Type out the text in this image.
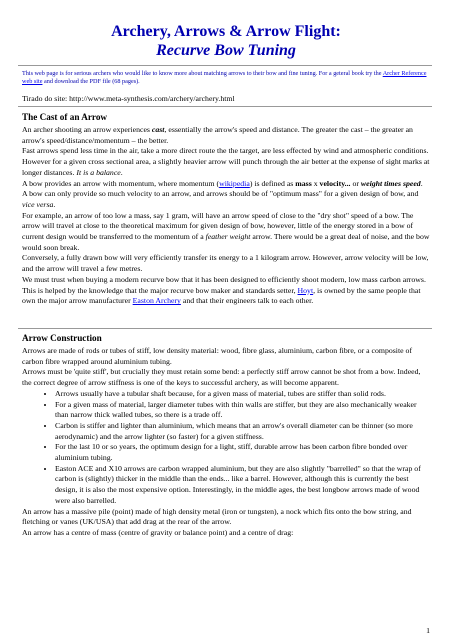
Archery, Arrows & Arrow Flight:
Recurve Bow Tuning
This web page is for serious archers who would like to know more about matching arrows to their bow and fine tuning. For a geteral book try the Archer Reference web site and download the PDF file (68 pages).
Tirado do site: http://www.meta-synthesis.com/archery/archery.html
The Cast of an Arrow

An archer shooting an arrow experiences cast, essentially the arrow's speed and distance. The greater the cast – the greater an arrow's speed/distance/momentum – the better.

Fast arrows spend less time in the air, take a more direct route the the target, are less effected by wind and atmospheric conditions. However for a given cross sectional area, a slightly heavier arrow will punch through the air better at the expense of sight marks at longer distances. It is a balance.

A bow provides an arrow with momentum, where momentum (wikipedia) is defined as mass x velocity... or weight times speed.

A bow can only provide so much velocity to an arrow, and arrows should be of "optimum mass" for a given design of bow, and vice versa.

For example, an arrow of too low a mass, say 1 gram, will have an arrow speed of close to the "dry shot" speed of a bow. The arrow will travel at close to the theoretical maximum for given design of bow, however, little of the energy stored in a bow of current design would be transferred to the momentum of a feather weight arrow. There would be a great deal of noise, and the bow would soon break.

Conversely, a fully drawn bow will very efficiently transfer its energy to a 1 kilogram arrow. However, arrow velocity will be low, and the arrow will travel a few metres.

We must trust when buying a modern recurve bow that it has been designed to efficiently shoot modern, low mass carbon arrows. This is helped by the knowledge that the major recurve bow maker and standards setter, Hoyt, is owned by the same people that own the major arrow manufacturer Easton Archery and that their engineers talk to each other.

Arrow Construction

Arrows are made of rods or tubes of stiff, low density material: wood, fibre glass, aluminium, carbon fibre, or a composite of carbon fibre wrapped around aluminium tubing.

Arrows must be 'quite stiff', but crucially they must retain some bend: a perfectly stiff arrow cannot be shot from a bow. Indeed, the correct degree of arrow stiffness is one of the keys to successful archery, as will become apparent.

• Arrows usually have a tubular shaft because, for a given mass of material, tubes are stiffer than solid rods.
• For a given mass of material, larger diameter tubes with thin walls are stiffer, but they are also mechanically weaker than narrow thick walled tubes, so there is a trade off.
• Carbon is stiffer and lighter than aluminium, which means that an arrow's overall diameter can be thinner (so more aerodynamic) and the arrow lighter (so faster) for a given stiffness.
• For the last 10 or so years, the optimum design for a light, stiff, durable arrow has been carbon fibre bonded over aluminium tubing.
• Easton ACE and X10 arrows are carbon wrapped aluminium, but they are also slightly "barrelled" so that the wrap of carbon is (slightly) thicker in the middle than the ends... like a barrel. However, although this is currently the best design, it is also the most expensive option. Interestingly, in the middle ages, the best longbow arrows made of wood were also barrelled.

An arrow has a massive pile (point) made of high density metal (iron or tungsten), a nock which fits onto the bow string, and fletching or vanes (UK/USA) that add drag at the rear of the arrow.

An arrow has a centre of mass (centre of gravity or balance point) and a centre of drag:

1
